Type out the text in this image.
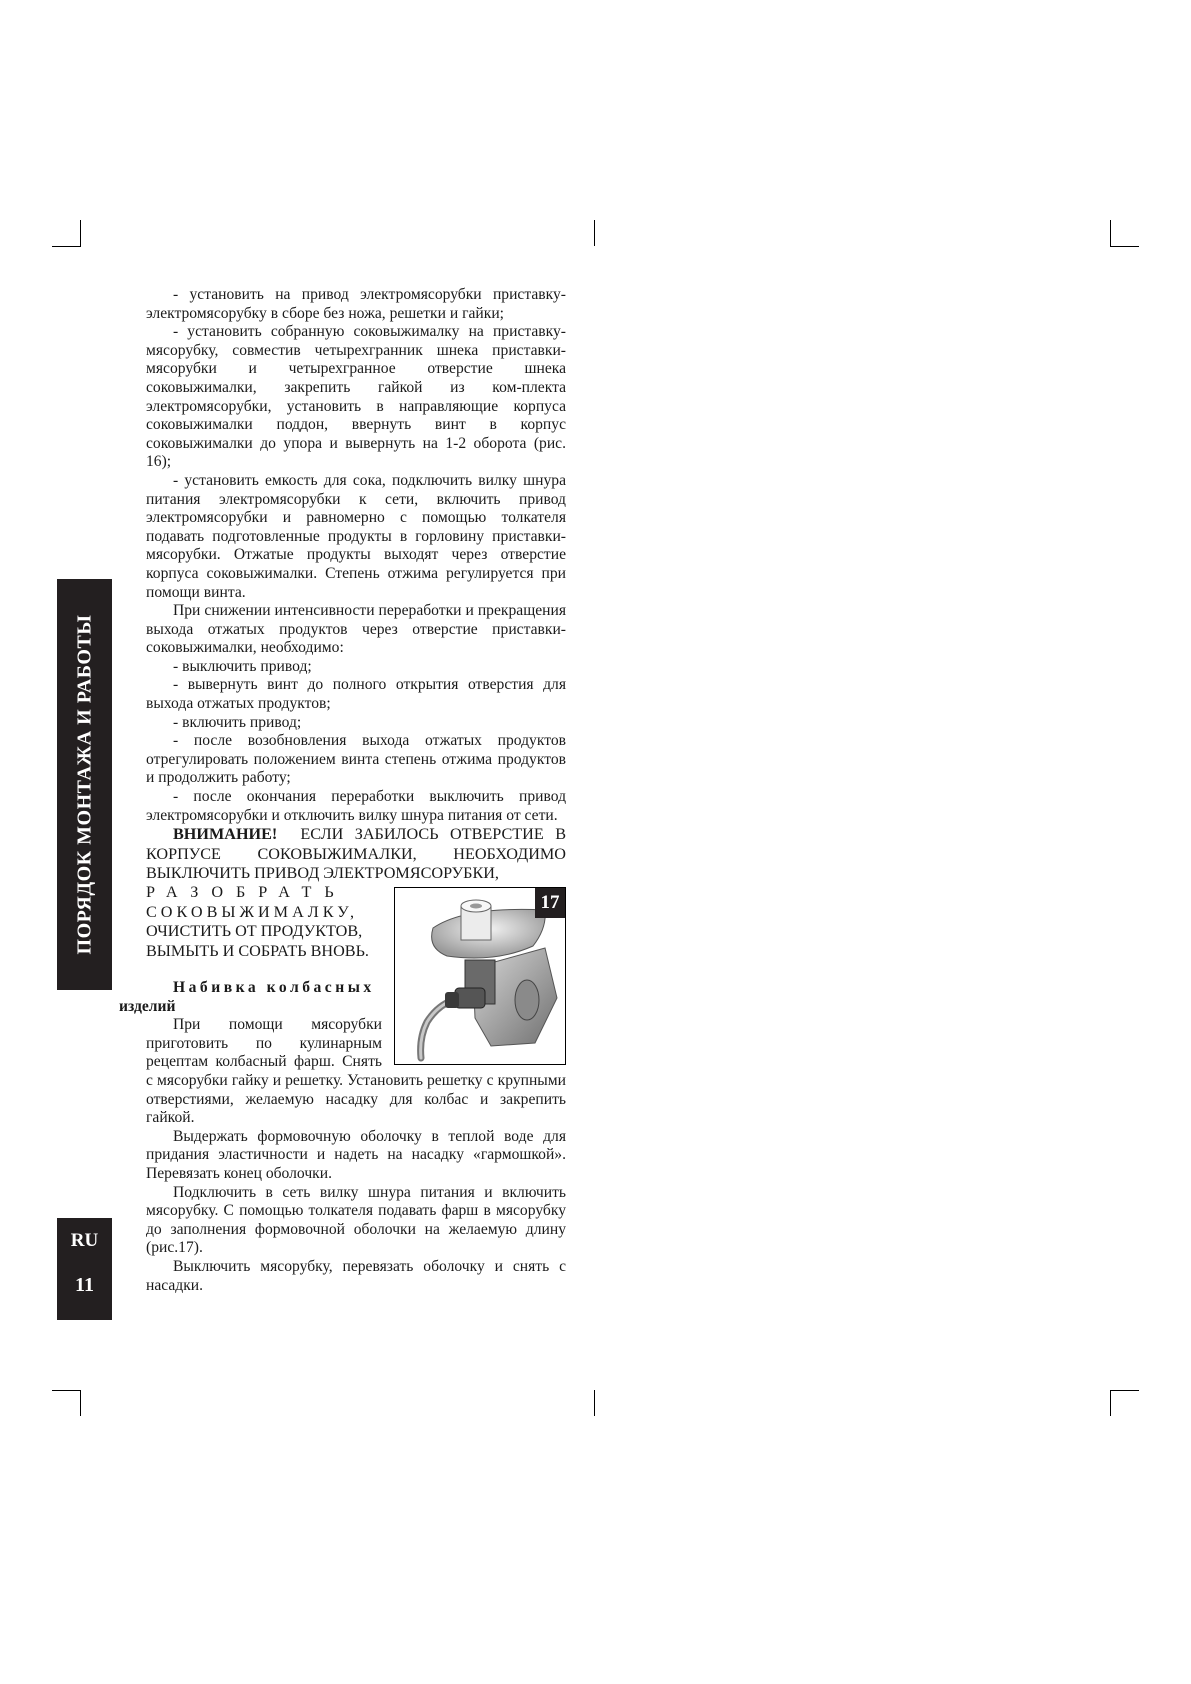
ПОРЯДОК МОНТАЖА И РАБОТЫ
RU
11

- установить на привод электромясорубки приставку-электромясорубку в сборе без ножа, решетки и гайки;

- установить собранную соковыжималку на приставку-мясорубку, совместив четырехгранник шнека приставки-мясорубки и четырехгранное отверстие шнека соковыжималки, закрепить гайкой из ком-плекта электромясорубки, установить в направляющие корпуса соковыжималки поддон, ввернуть винт в корпус соковыжималки до упора и вывернуть на 1-2 оборота (рис. 16);

- установить емкость для сока, подключить вилку шнура питания электромясорубки к сети, включить привод электромясорубки и равномерно с помощью толкателя подавать подготовленные продукты в горловину приставки-мясорубки. Отжатые продукты выходят через отверстие корпуса соковыжималки. Степень отжима регулируется при помощи винта.

При снижении интенсивности переработки и прекращения выхода отжатых продуктов через отверстие приставки-соковыжималки, необходимо:

- выключить привод;

- вывернуть винт до полного открытия отверстия для выхода отжатых продуктов;

- включить привод;

- после возобновления выхода отжатых продуктов отрегулировать положением винта степень отжима продуктов и продолжить работу;

- после окончания переработки выключить привод электромясорубки и отключить вилку шнура питания от сети.

ВНИМАНИЕ! ЕСЛИ ЗАБИЛОСЬ ОТВЕРСТИЕ В КОРПУСЕ СОКОВЫЖИМАЛКИ, НЕОБХОДИМО ВЫКЛЮЧИТЬ ПРИВОД ЭЛЕКТРОМЯСОРУБКИ,

17

РАЗОБРАТЬ

СОКОВЫЖИМАЛКУ,

ОЧИСТИТЬ ОТ ПРОДУКТОВ, ВЫМЫТЬ И СОБРАТЬ ВНОВЬ.

Набивка колбасных
изделий

При помощи мясорубки приготовить по кулинарным рецептам колбасный фарш. Снять с мясорубки гайку и решетку. Установить решетку с крупными отверстиями, желаемую насадку для колбас и закрепить гайкой.

Выдержать формовочную оболочку в теплой воде для придания эластичности и надеть на насадку «гармошкой». Перевязать конец оболочки.

Подключить в сеть вилку шнура питания и включить мясорубку. С помощью толкателя подавать фарш в мясорубку до заполнения формовочной оболочки на желаемую длину (рис.17).

Выключить мясорубку, перевязать оболочку и снять с насадки.
